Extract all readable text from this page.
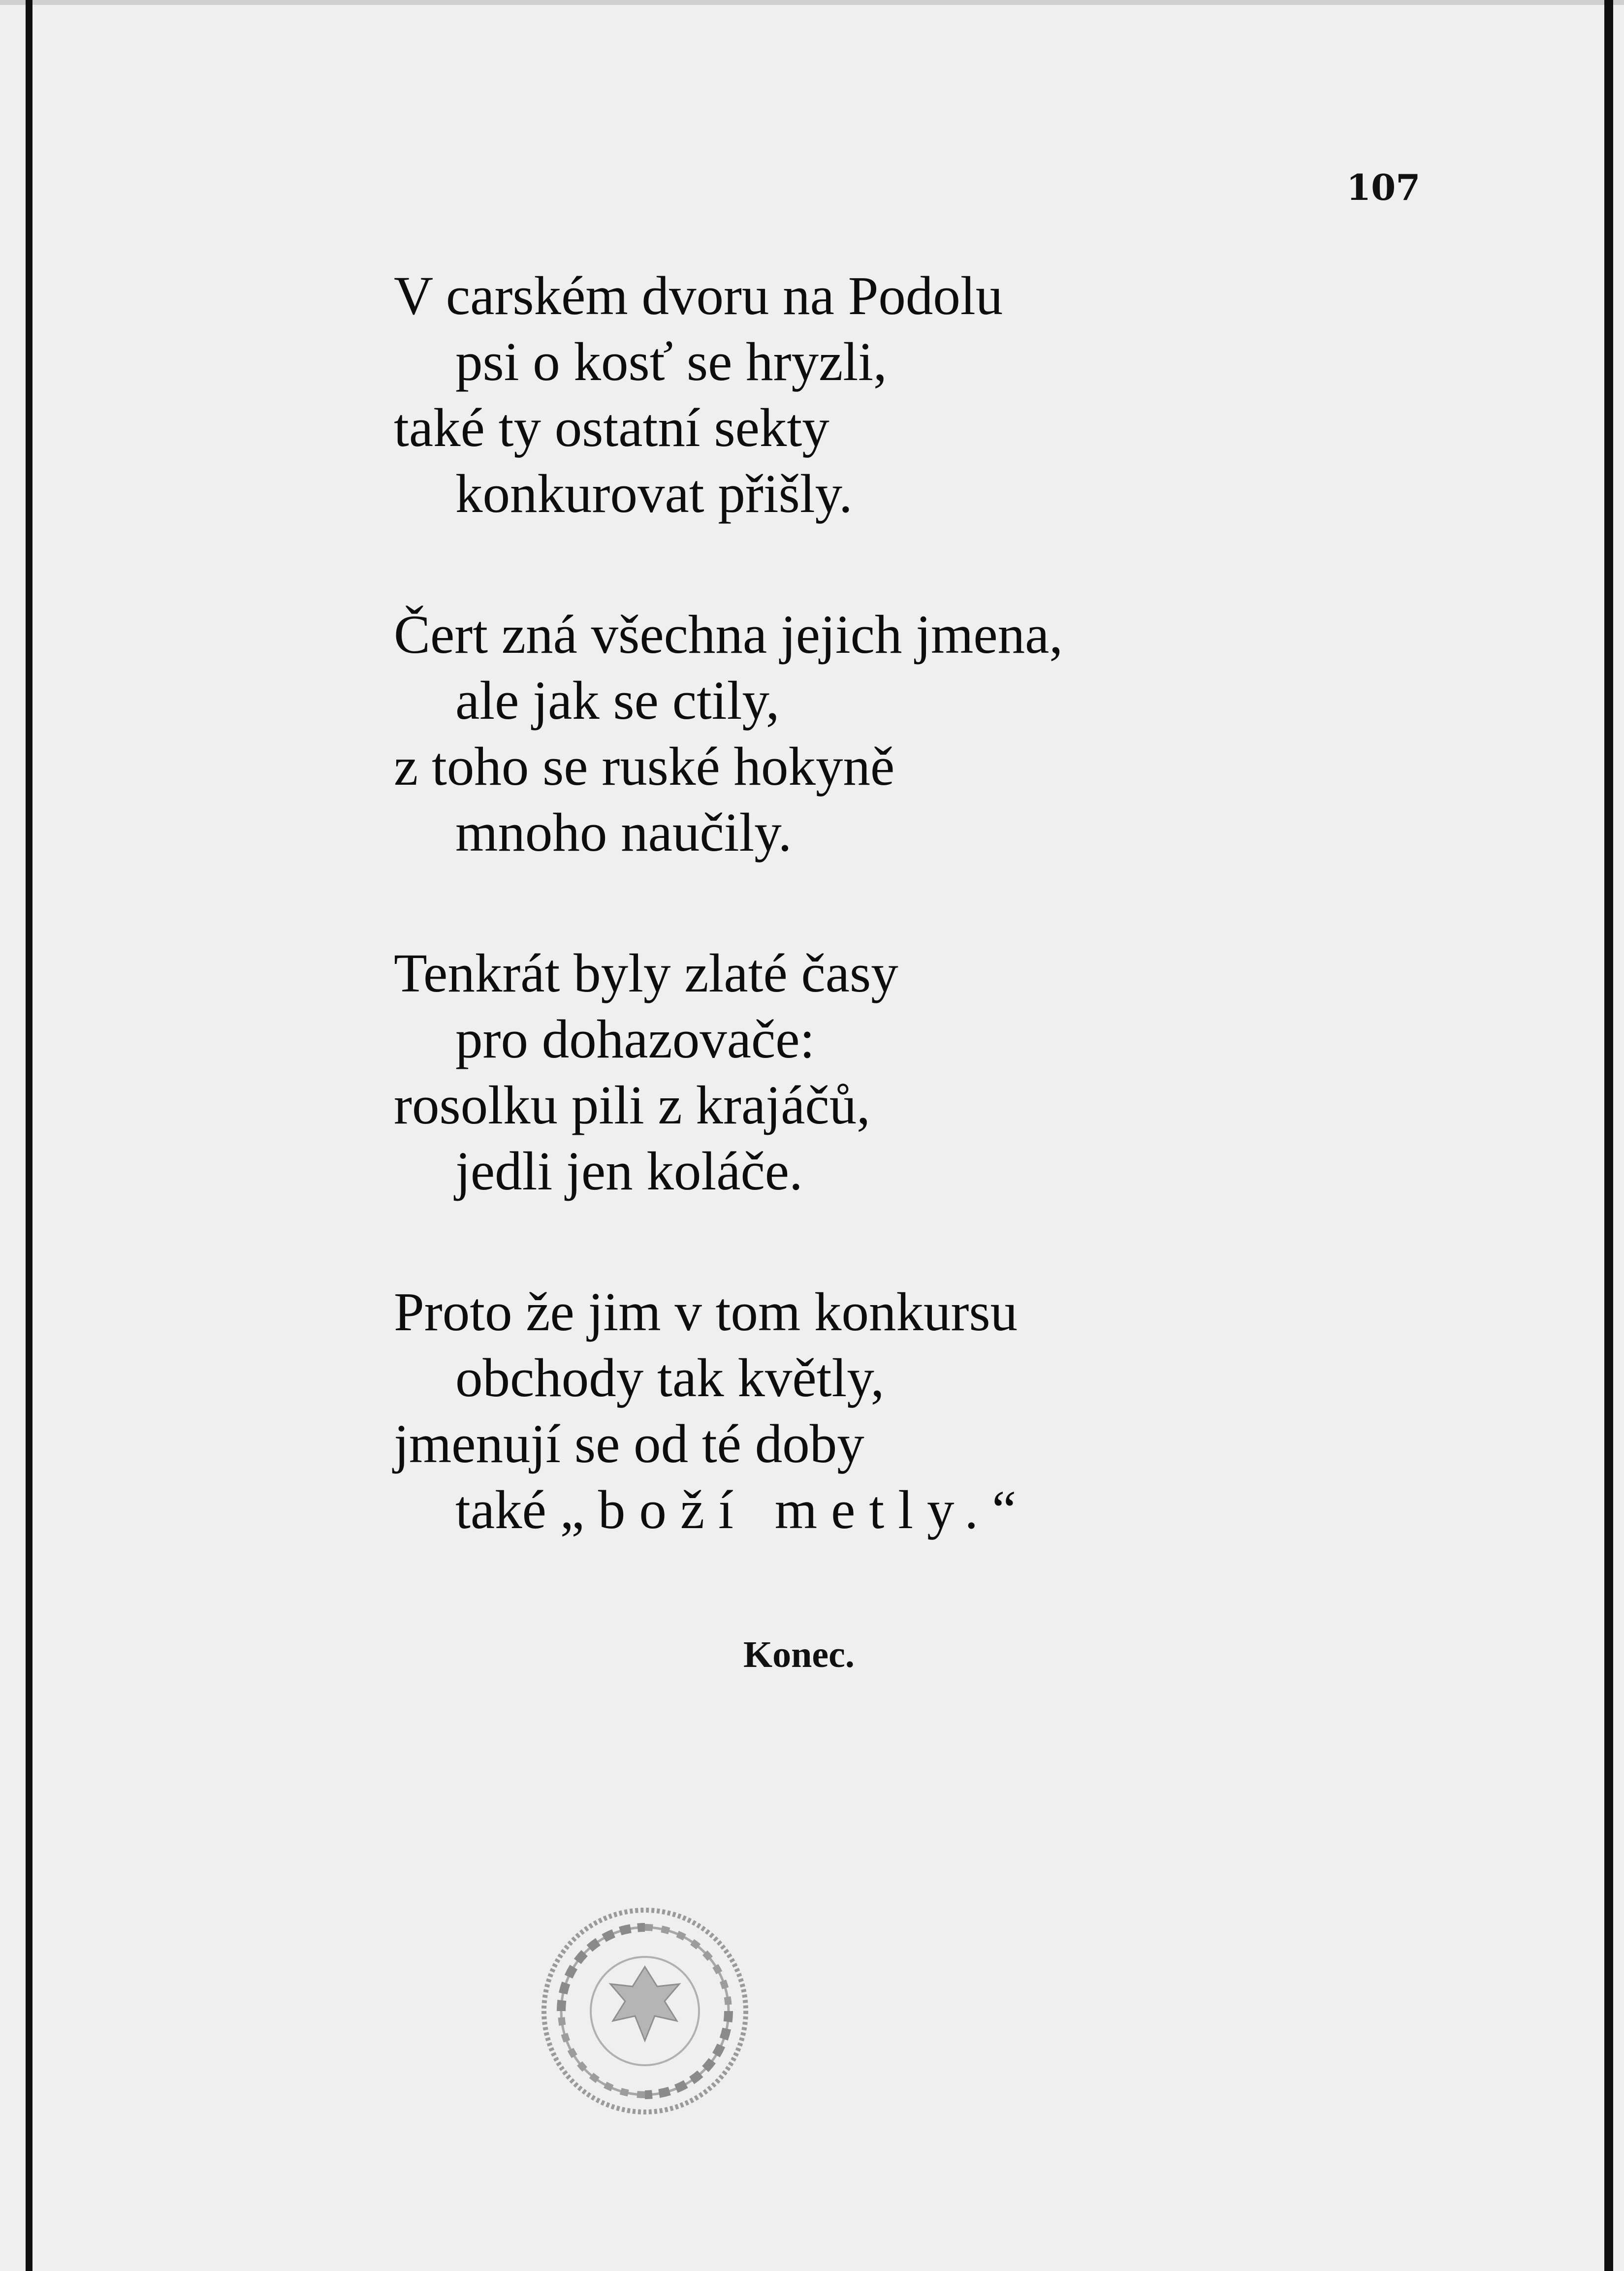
107
V carském dvoru na Podolu
psi o kosť se hryzli,
také ty ostatní sekty
konkurovat přišly.
Čert zná všechna jejich jmena,
ale jak se ctily,
z toho se ruské hokyně
mnoho naučily.
Tenkrát byly zlaté časy
pro dohazovače:
rosolku pili z krajáčů,
jedli jen koláče.
Proto že jim v tom konkursu
obchody tak květly,
jmenují se od té doby
také „boží metly.“
Konec.
